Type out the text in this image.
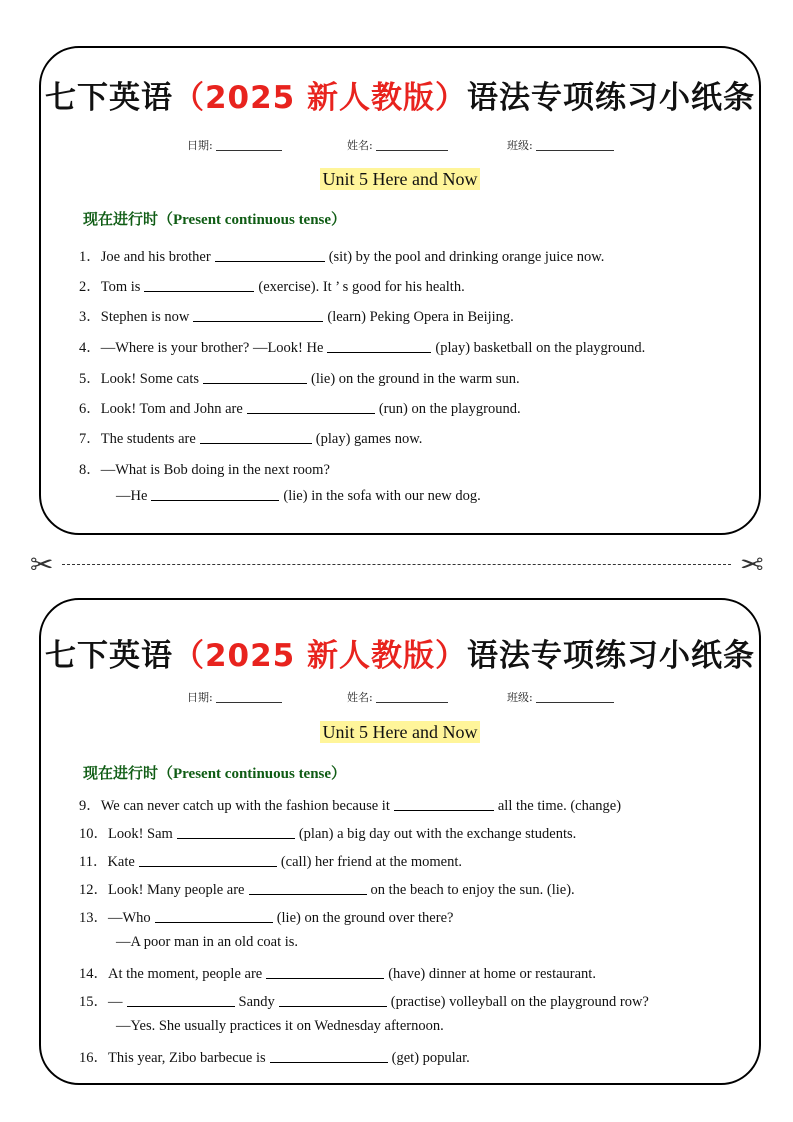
七下英语（2025 新人教版）语法专项练习小纸条
日期:	姓名:	班级:
Unit 5 Here and Now
现在进行时（Present continuous tense）
1．Joe and his brother	(sit) by the pool and drinking orange juice now.
2．Tom is	(exercise). It ’ s good for his health.
3．Stephen is now	(learn) Peking Opera in Beijing.
4．—Where is your brother? —Look! He	(play) basketball on the playground.
5．Look! Some cats	(lie) on the ground in the warm sun.
6．Look! Tom and John are	(run) on the playground.
7．The students are	(play) games now.
8．—What is Bob doing in the next room?
—He	(lie) in the sofa with our new dog.
✂	✂
七下英语（2025 新人教版）语法专项练习小纸条
日期:	姓名:	班级:
Unit 5 Here and Now
现在进行时（Present continuous tense）
9．We can never catch up with the fashion because it	all the time. (change)
10．Look! Sam	(plan) a big day out with the exchange students.
11．Kate	(call) her friend at the moment.
12．Look! Many people are	on the beach to enjoy the sun. (lie).
13．—Who	(lie) on the ground over there?
—A poor man in an old coat is.
14．At the moment, people are	(have) dinner at home or restaurant.
15．—	Sandy	(practise) volleyball on the playground row?
—Yes. She usually practices it on Wednesday afternoon.
16．This year, Zibo barbecue is	(get) popular.
